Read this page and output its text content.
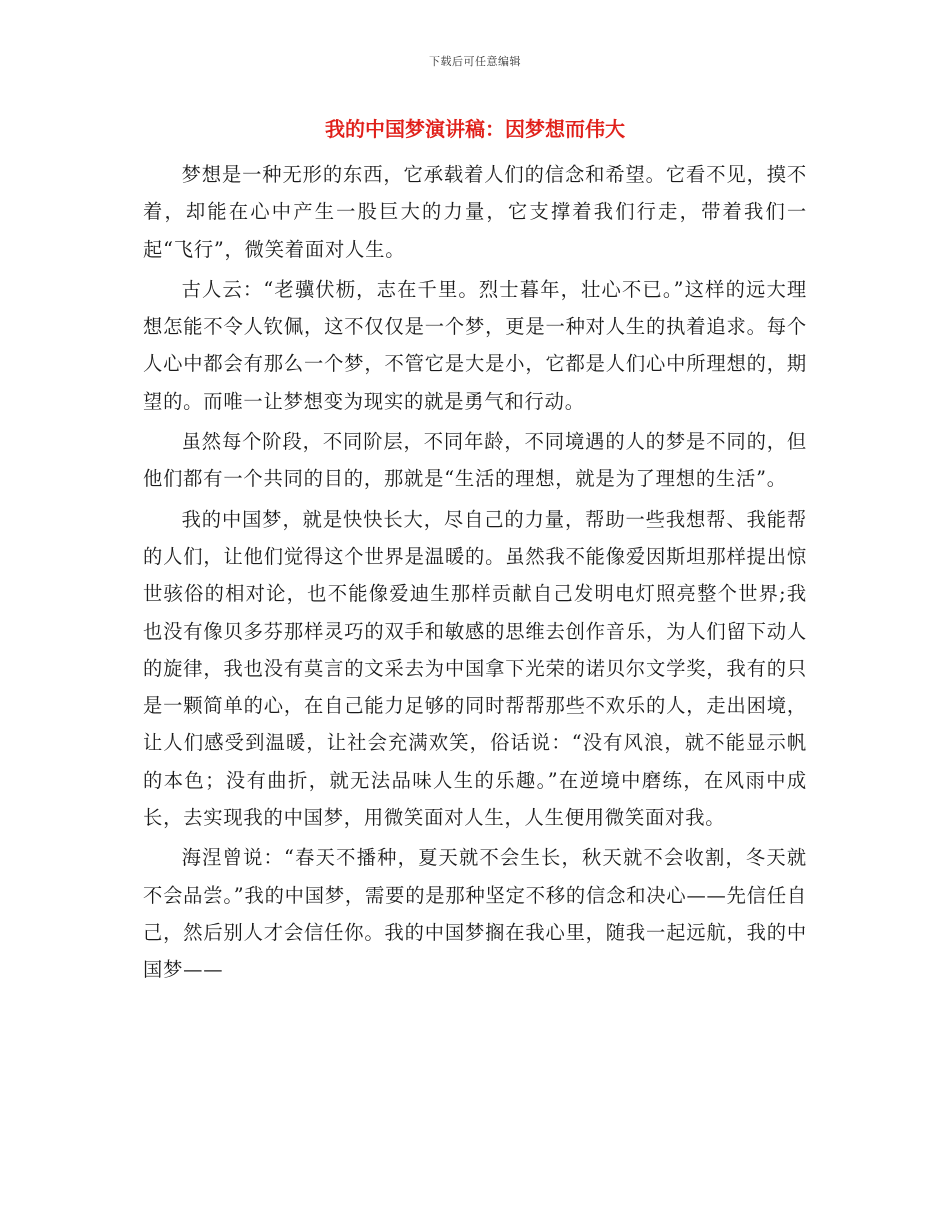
下载后可任意编辑
我的中国梦演讲稿：因梦想而伟大

梦想是一种无形的东西，它承载着人们的信念和希望。它看不见，摸不着，却能在心中产生一股巨大的力量，它支撑着我们行走，带着我们一起“飞行”，微笑着面对人生。

古人云：“老骥伏枥，志在千里。烈士暮年，壮心不已。”这样的远大理想怎能不令人钦佩，这不仅仅是一个梦，更是一种对人生的执着追求。每个人心中都会有那么一个梦，不管它是大是小，它都是人们心中所理想的，期望的。而唯一让梦想变为现实的就是勇气和行动。

虽然每个阶段，不同阶层，不同年龄，不同境遇的人的梦是不同的，但他们都有一个共同的目的，那就是“生活的理想，就是为了理想的生活”。

我的中国梦，就是快快长大，尽自己的力量，帮助一些我想帮、我能帮的人们，让他们觉得这个世界是温暖的。虽然我不能像爱因斯坦那样提出惊世骇俗的相对论，也不能像爱迪生那样贡献自己发明电灯照亮整个世界;我也没有像贝多芬那样灵巧的双手和敏感的思维去创作音乐，为人们留下动人的旋律，我也没有莫言的文采去为中国拿下光荣的诺贝尔文学奖，我有的只是一颗简单的心，在自己能力足够的同时帮帮那些不欢乐的人，走出困境，让人们感受到温暖，让社会充满欢笑，俗话说：“没有风浪，就不能显示帆的本色；没有曲折，就无法品味人生的乐趣。”在逆境中磨练，在风雨中成长，去实现我的中国梦，用微笑面对人生，人生便用微笑面对我。

海涅曾说：“春天不播种，夏天就不会生长，秋天就不会收割，冬天就不会品尝。”我的中国梦，需要的是那种坚定不移的信念和决心——先信任自己，然后别人才会信任你。我的中国梦搁在我心里，随我一起远航，我的中国梦——
